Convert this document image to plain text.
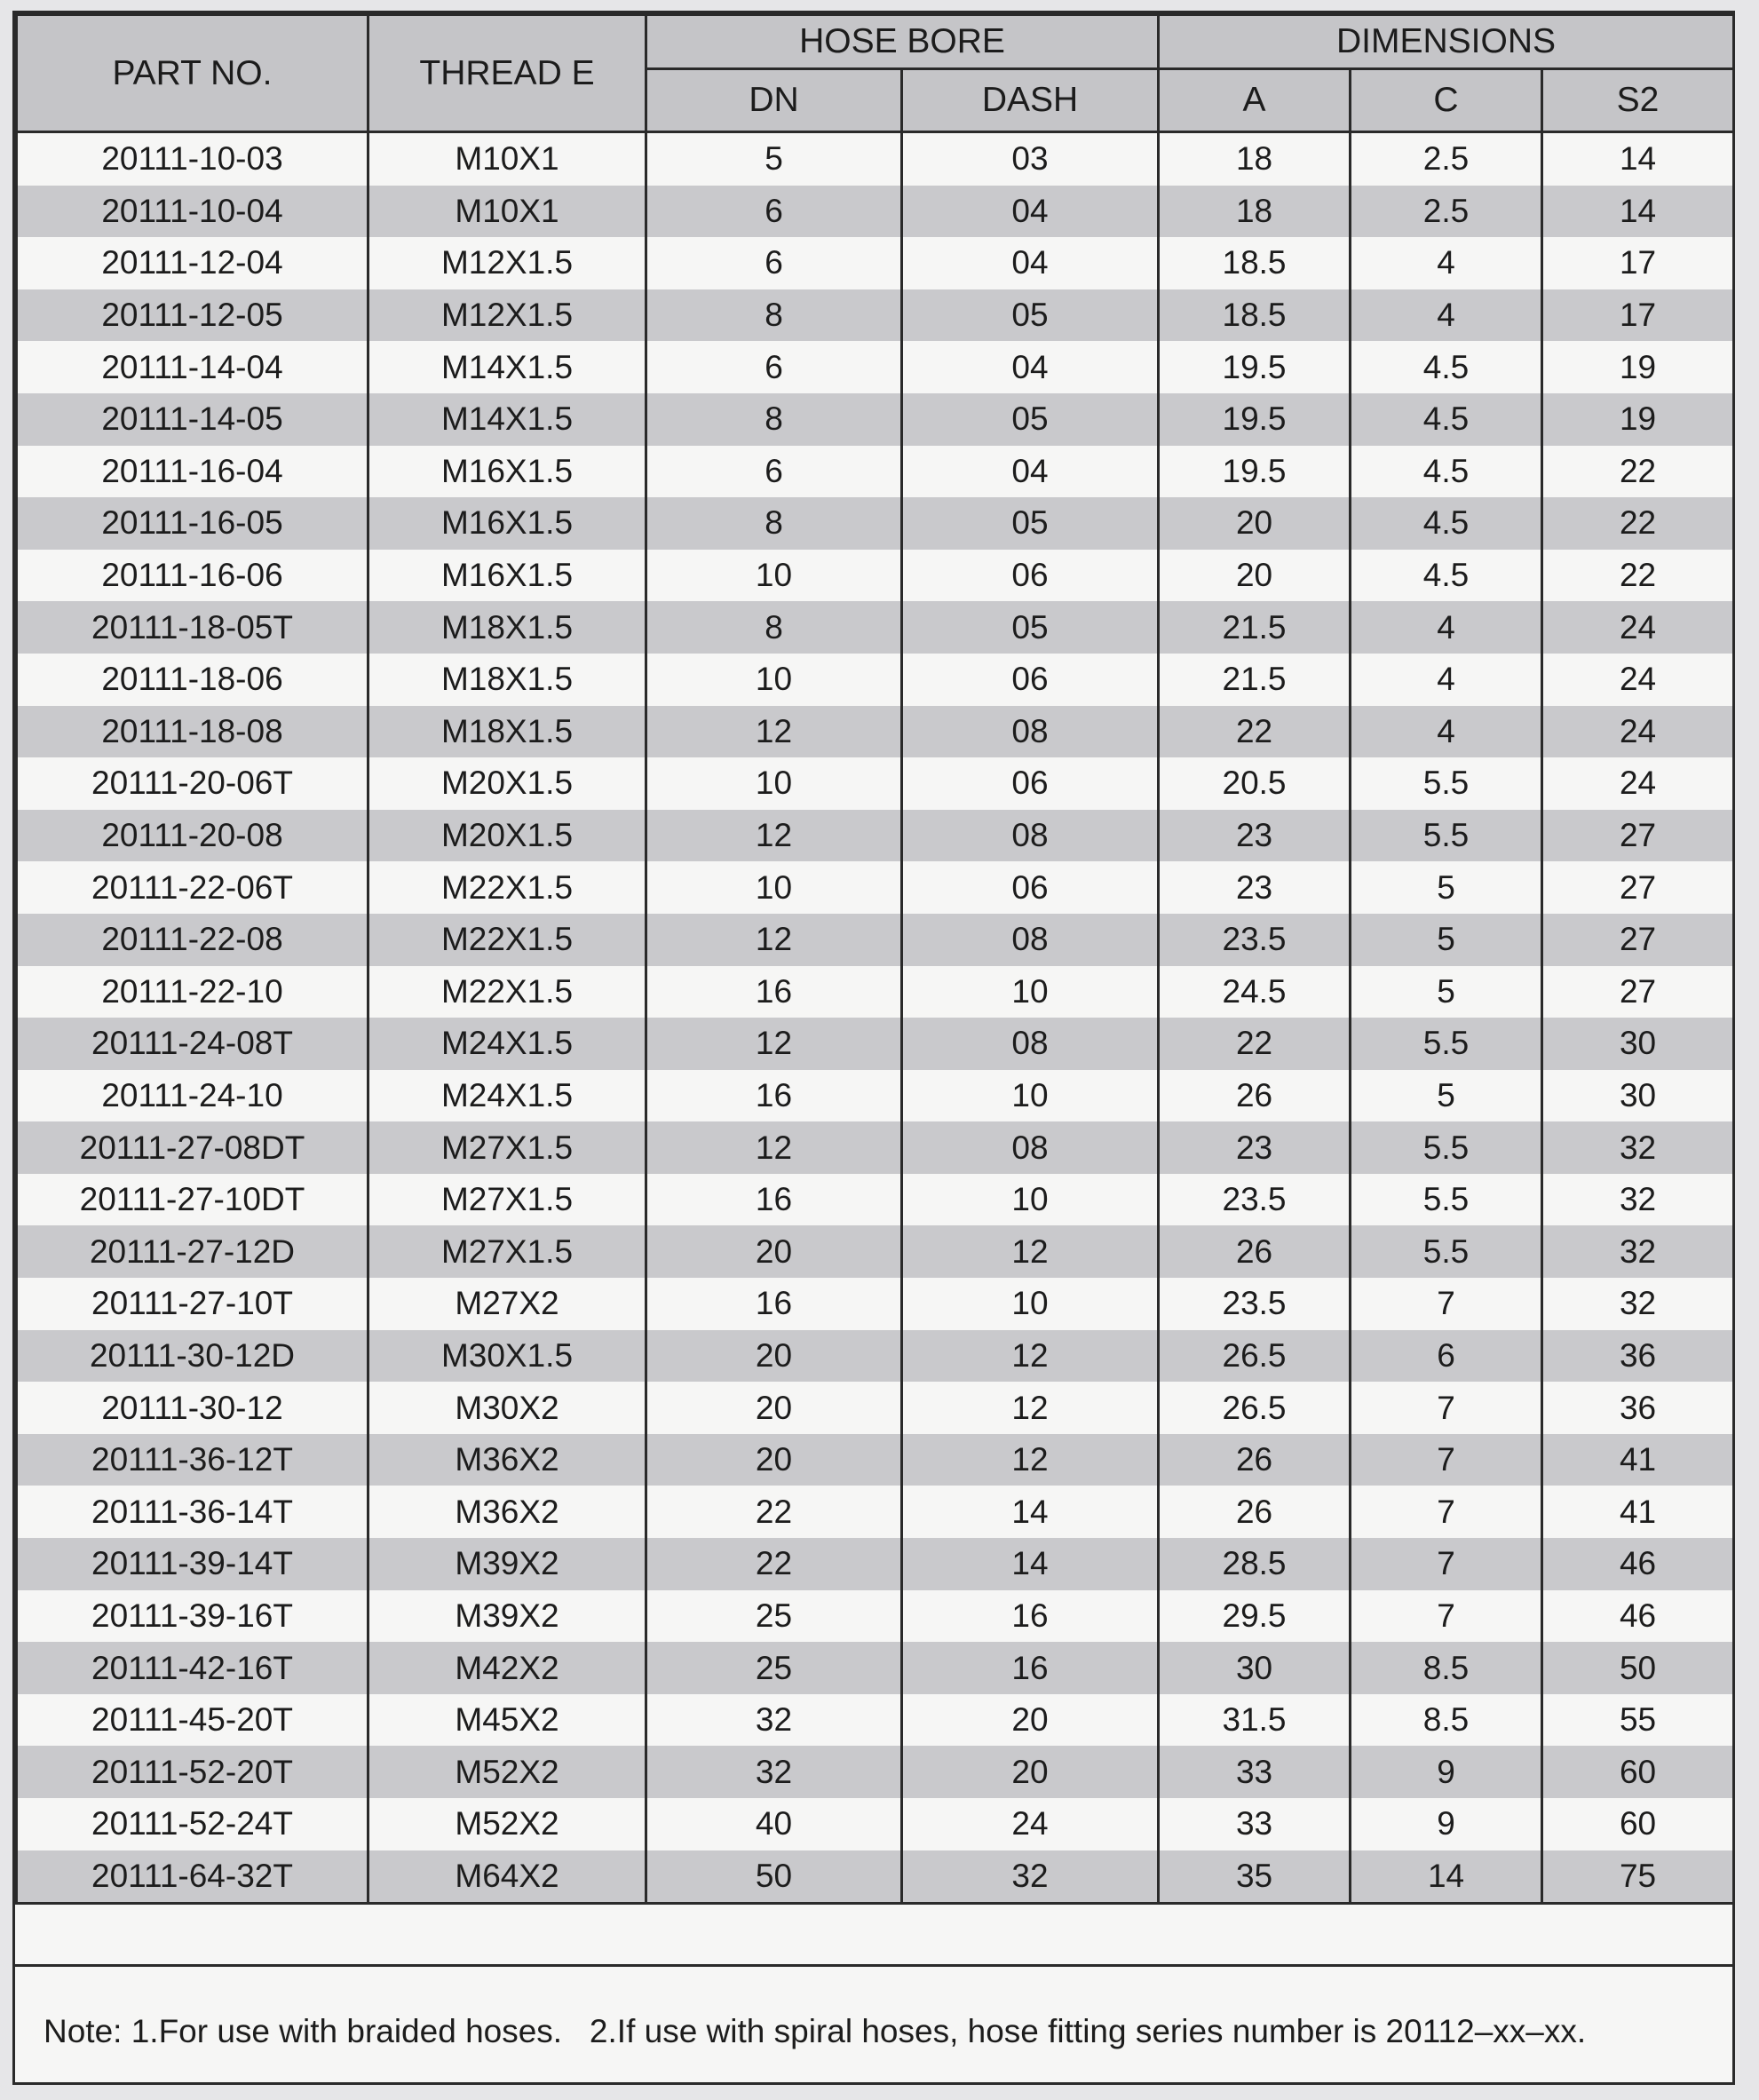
PART NO.	THREAD E	HOSE BORE		DIMENSIONS		
		DN	DASH	A	C	S2
20111-10-03	M10X1	5	03	18	2.5	14
20111-10-04	M10X1	6	04	18	2.5	14
20111-12-04	M12X1.5	6	04	18.5	4	17
20111-12-05	M12X1.5	8	05	18.5	4	17
20111-14-04	M14X1.5	6	04	19.5	4.5	19
20111-14-05	M14X1.5	8	05	19.5	4.5	19
20111-16-04	M16X1.5	6	04	19.5	4.5	22
20111-16-05	M16X1.5	8	05	20	4.5	22
20111-16-06	M16X1.5	10	06	20	4.5	22
20111-18-05T	M18X1.5	8	05	21.5	4	24
20111-18-06	M18X1.5	10	06	21.5	4	24
20111-18-08	M18X1.5	12	08	22	4	24
20111-20-06T	M20X1.5	10	06	20.5	5.5	24
20111-20-08	M20X1.5	12	08	23	5.5	27
20111-22-06T	M22X1.5	10	06	23	5	27
20111-22-08	M22X1.5	12	08	23.5	5	27
20111-22-10	M22X1.5	16	10	24.5	5	27
20111-24-08T	M24X1.5	12	08	22	5.5	30
20111-24-10	M24X1.5	16	10	26	5	30
20111-27-08DT	M27X1.5	12	08	23	5.5	32
20111-27-10DT	M27X1.5	16	10	23.5	5.5	32
20111-27-12D	M27X1.5	20	12	26	5.5	32
20111-27-10T	M27X2	16	10	23.5	7	32
20111-30-12D	M30X1.5	20	12	26.5	6	36
20111-30-12	M30X2	20	12	26.5	7	36
20111-36-12T	M36X2	20	12	26	7	41
20111-36-14T	M36X2	22	14	26	7	41
20111-39-14T	M39X2	22	14	28.5	7	46
20111-39-16T	M39X2	25	16	29.5	7	46
20111-42-16T	M42X2	25	16	30	8.5	50
20111-45-20T	M45X2	32	20	31.5	8.5	55
20111-52-20T	M52X2	32	20	33	9	60
20111-52-24T	M52X2	40	24	33	9	60
20111-64-32T	M64X2	50	32	35	14	75
Note: 1.For use with braided hoses.   2.If use with spiral hoses, hose fitting series number is 20112–xx–xx.
